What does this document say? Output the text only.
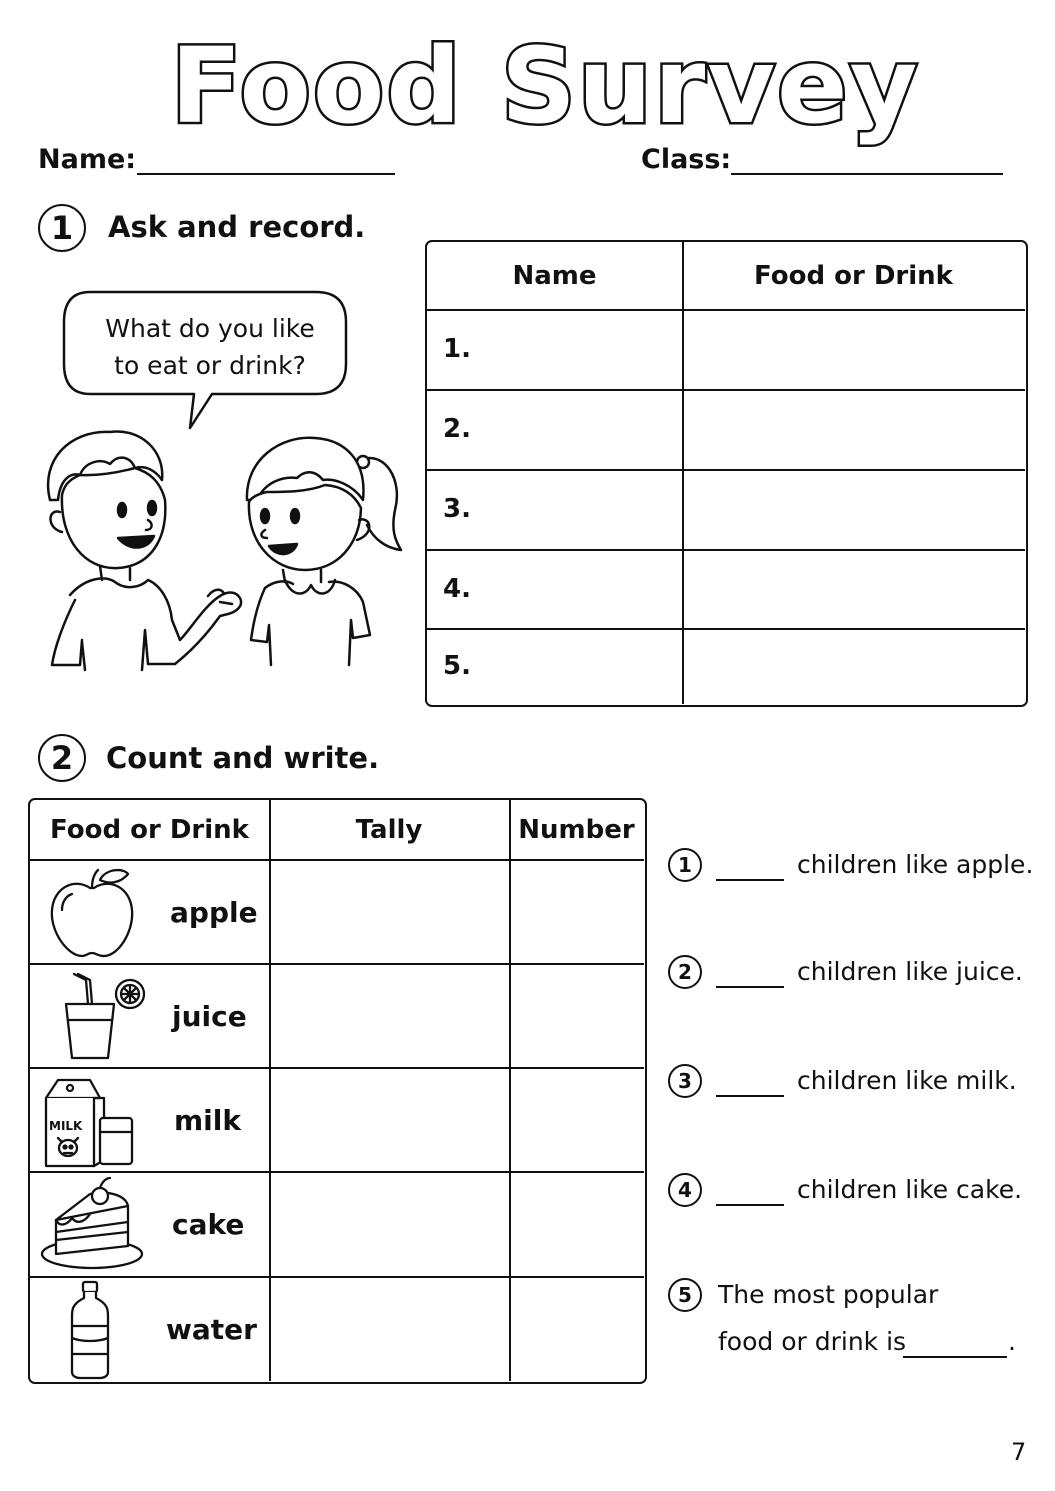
Food Survey
Name:	Class:
1	Ask and record.
What do you like
to eat or drink?
Name	Food or Drink
1.
2.
3.
4.
5.
2	Count and write.
Food or Drink	Tally	Number
apple
juice
milk
cake
water
MILK
1	children like apple.
2	children like juice.
3	children like milk.
4	children like cake.
5	The most popular
food or drink is	.
7
